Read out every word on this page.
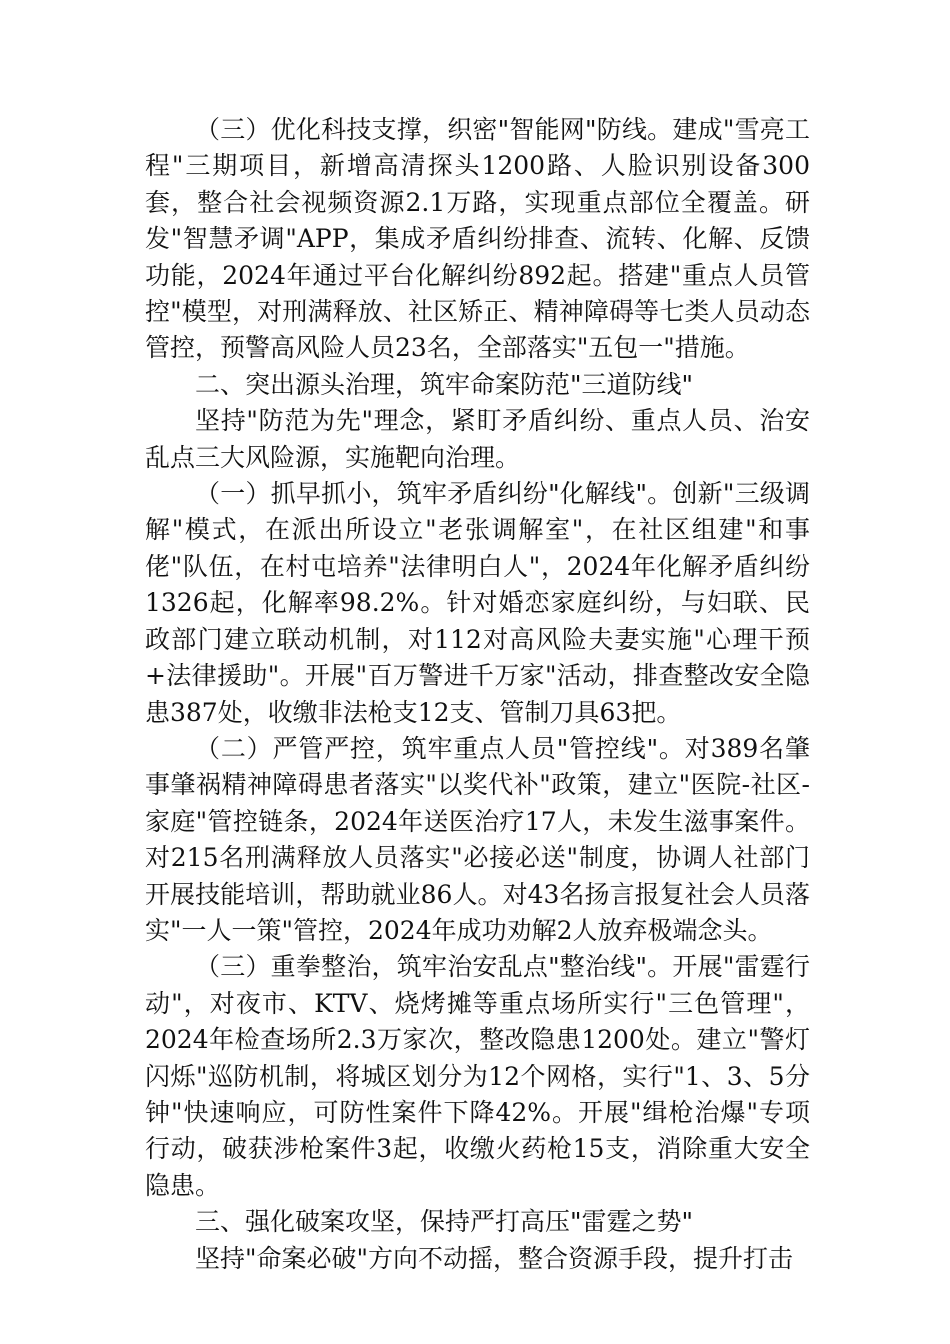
（三）优化科技支撑，织密"智能网"防线。建成"雪亮工程"三期项目，新增高清探头1200路、人脸识别设备300套，整合社会视频资源2.1万路，实现重点部位全覆盖。研发"智慧矛调"APP，集成矛盾纠纷排查、流转、化解、反馈功能，2024年通过平台化解纠纷892起。搭建"重点人员管控"模型，对刑满释放、社区矫正、精神障碍等七类人员动态管控，预警高风险人员23名，全部落实"五包一"措施。

二、突出源头治理，筑牢命案防范"三道防线"

坚持"防范为先"理念，紧盯矛盾纠纷、重点人员、治安乱点三大风险源，实施靶向治理。

（一）抓早抓小，筑牢矛盾纠纷"化解线"。创新"三级调解"模式，在派出所设立"老张调解室"，在社区组建"和事佬"队伍，在村屯培养"法律明白人"，2024年化解矛盾纠纷1326起，化解率98.2%。针对婚恋家庭纠纷，与妇联、民政部门建立联动机制，对112对高风险夫妻实施"心理干预+法律援助"。开展"百万警进千万家"活动，排查整改安全隐患387处，收缴非法枪支12支、管制刀具63把。

（二）严管严控，筑牢重点人员"管控线"。对389名肇事肇祸精神障碍患者落实"以奖代补"政策，建立"医院-社区-家庭"管控链条，2024年送医治疗17人，未发生滋事案件。对215名刑满释放人员落实"必接必送"制度，协调人社部门开展技能培训，帮助就业86人。对43名扬言报复社会人员落实"一人一策"管控，2024年成功劝解2人放弃极端念头。

（三）重拳整治，筑牢治安乱点"整治线"。开展"雷霆行动"，对夜市、KTV、烧烤摊等重点场所实行"三色管理"，2024年检查场所2.3万家次，整改隐患1200处。建立"警灯闪烁"巡防机制，将城区划分为12个网格，实行"1、3、5分钟"快速响应，可防性案件下降42%。开展"缉枪治爆"专项行动，破获涉枪案件3起，收缴火药枪15支，消除重大安全隐患。

三、强化破案攻坚，保持严打高压"雷霆之势"

坚持"命案必破"方向不动摇，整合资源手段，提升打击
